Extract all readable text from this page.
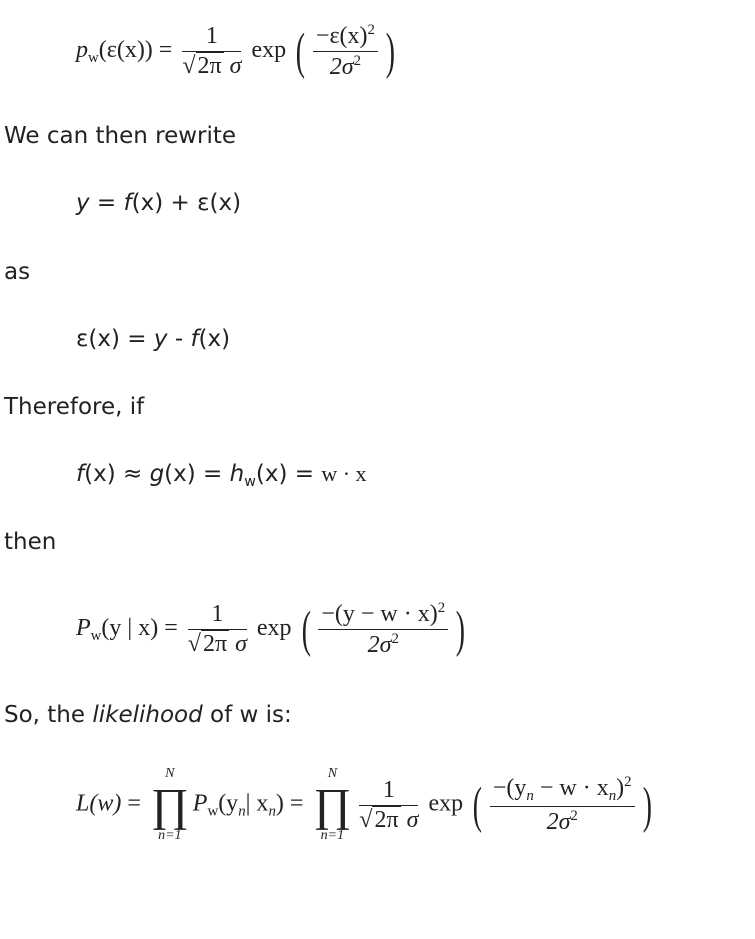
$p_w(\varepsilon(x)) = \frac{1}{\text{√2π σ}}$ exp ( $\frac{-\varepsilon(x)^2}{2\sigma^2}$ )
We can then rewrite
y = f(x) + ε(x)
as
ε(x) = y - f(x)
Therefore, if
$f(x) \approx g(x) = h_w(x) = w \cdot x$
then
$P_w(y$ | $x) = \frac{1}{\text{√2π σ}}$ exp ( $\frac{-(y - w \cdot x)^2}{2\sigma^2}$ )
So, the likelihood of w is:
L(w) =
N
∏
n=1
$P_w(y_n|$ $x_n$) =
N
∏
n=1
$\frac{1}{\text{√2π σ}}$ exp ( $\frac{-(y_n - w \cdot x_n)^2}{2\sigma^2}$ )
